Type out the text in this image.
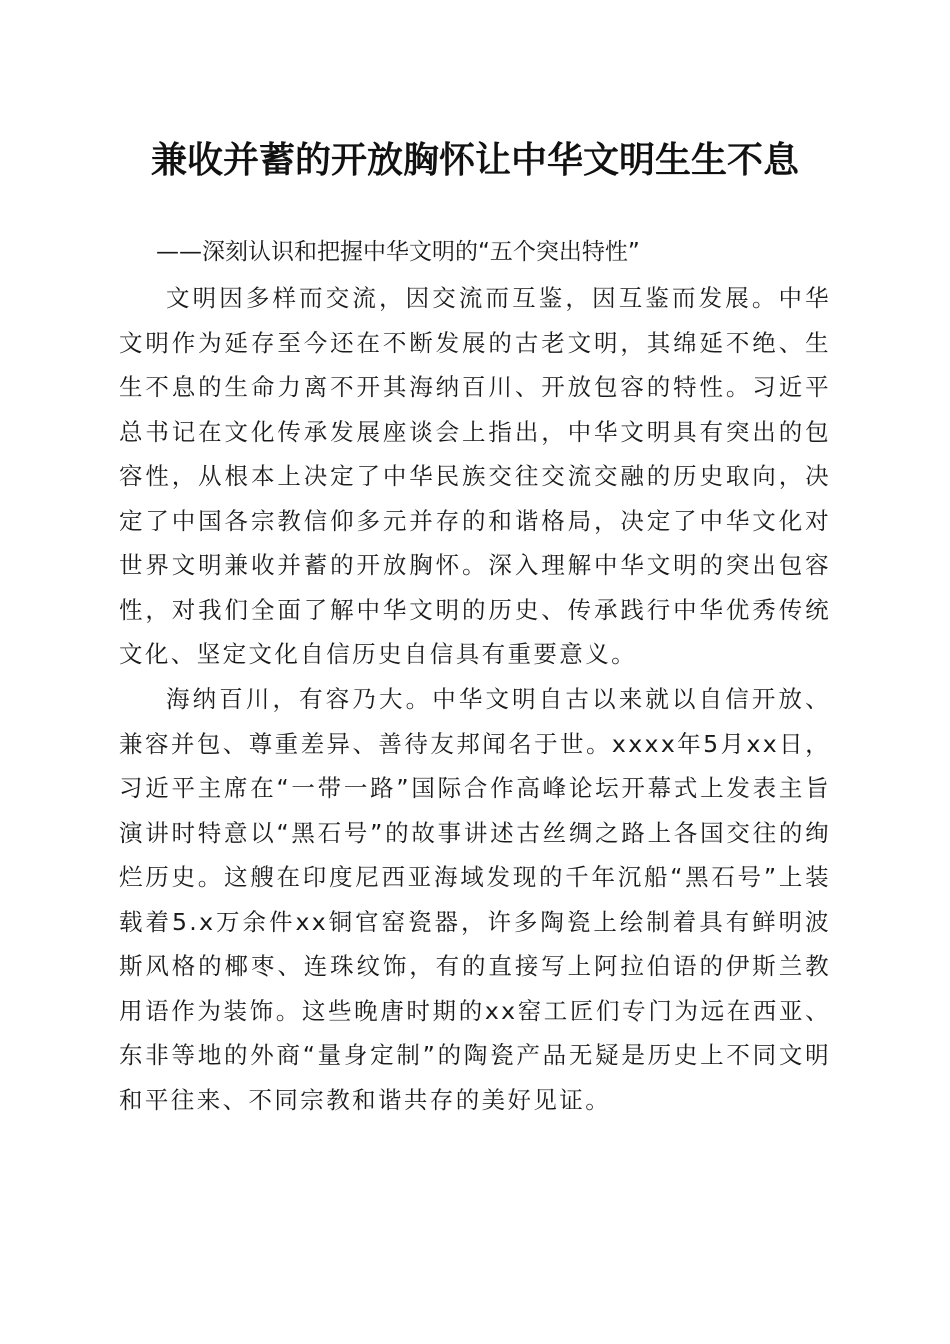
兼收并蓄的开放胸怀让中华文明生生不息

——深刻认识和把握中华文明的“五个突出特性”

文明因多样而交流，因交流而互鉴，因互鉴而发展。中华文明作为延存至今还在不断发展的古老文明，其绵延不绝、生生不息的生命力离不开其海纳百川、开放包容的特性。习近平总书记在文化传承发展座谈会上指出，中华文明具有突出的包容性，从根本上决定了中华民族交往交流交融的历史取向，决定了中国各宗教信仰多元并存的和谐格局，决定了中华文化对世界文明兼收并蓄的开放胸怀。深入理解中华文明的突出包容性，对我们全面了解中华文明的历史、传承践行中华优秀传统文化、坚定文化自信历史自信具有重要意义。

海纳百川，有容乃大。中华文明自古以来就以自信开放、兼容并包、尊重差异、善待友邦闻名于世。xxxx年5月xx日，习近平主席在“一带一路”国际合作高峰论坛开幕式上发表主旨演讲时特意以“黑石号”的故事讲述古丝绸之路上各国交往的绚烂历史。这艘在印度尼西亚海域发现的千年沉船“黑石号”上装载着5.x万余件xx铜官窑瓷器，许多陶瓷上绘制着具有鲜明波斯风格的椰枣、连珠纹饰，有的直接写上阿拉伯语的伊斯兰教用语作为装饰。这些晚唐时期的xx窑工匠们专门为远在西亚、东非等地的外商“量身定制”的陶瓷产品无疑是历史上不同文明和平往来、不同宗教和谐共存的美好见证。
